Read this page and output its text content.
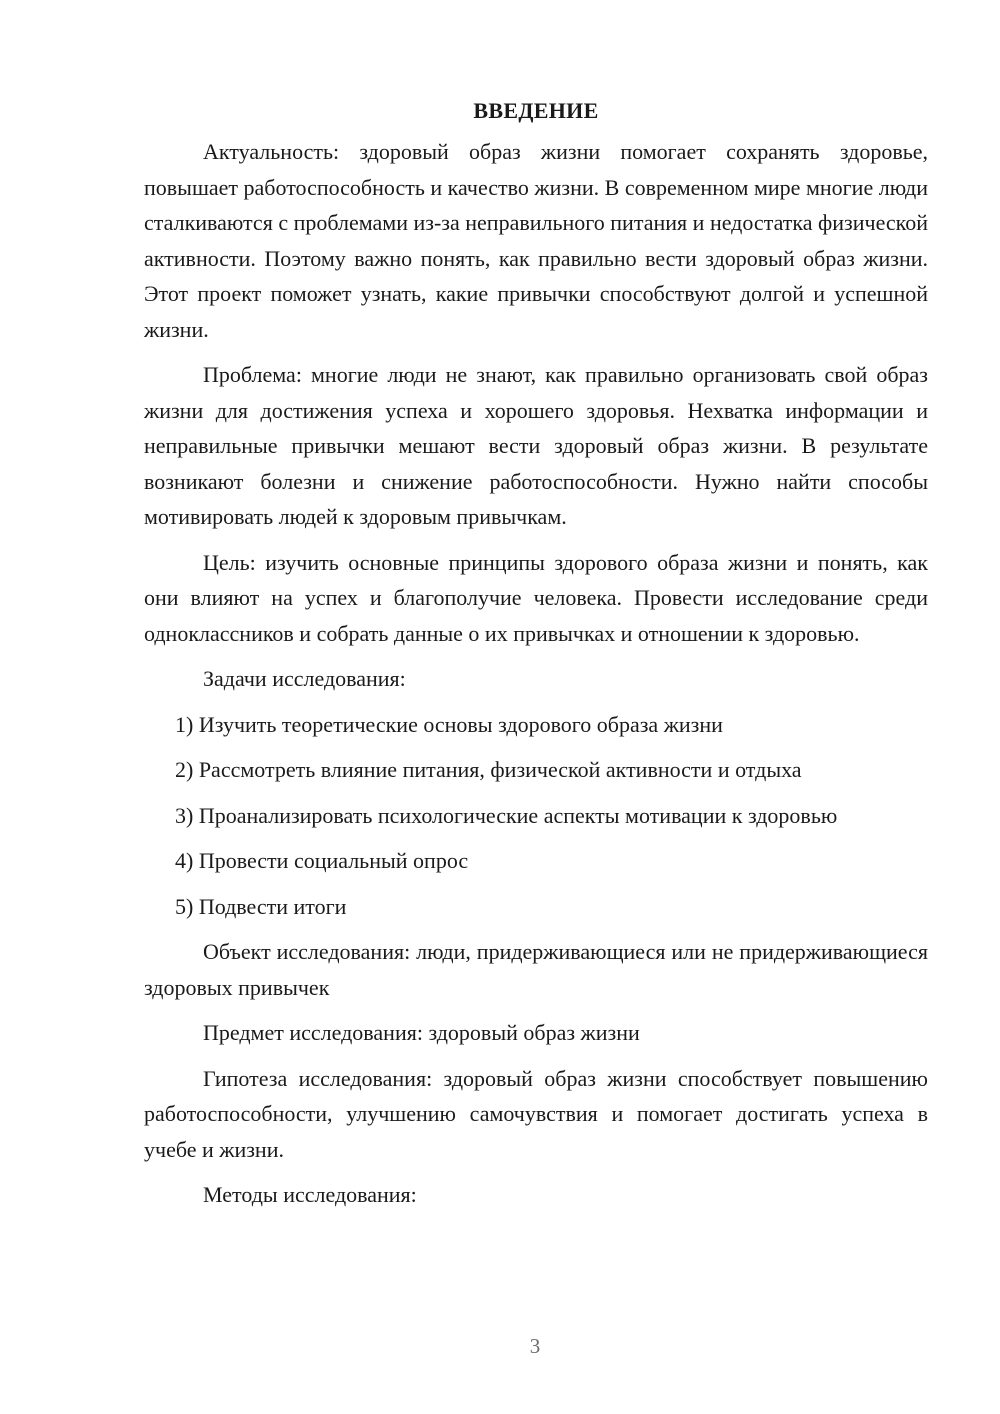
ВВЕДЕНИЕ

Актуальность: здоровый образ жизни помогает сохранять здоровье, повышает работоспособность и качество жизни. В современном мире многие люди сталкиваются с проблемами из-за неправильного питания и недостатка физической активности. Поэтому важно понять, как правильно вести здоровый образ жизни. Этот проект поможет узнать, какие привычки способствуют долгой и успешной жизни.

Проблема: многие люди не знают, как правильно организовать свой образ жизни для достижения успеха и хорошего здоровья. Нехватка информации и неправильные привычки мешают вести здоровый образ жизни. В результате возникают болезни и снижение работоспособности. Нужно найти способы мотивировать людей к здоровым привычкам.

Цель: изучить основные принципы здорового образа жизни и понять, как они влияют на успех и благополучие человека. Провести исследование среди одноклассников и собрать данные о их привычках и отношении к здоровью.

Задачи исследования:

1) Изучить теоретические основы здорового образа жизни

2) Рассмотреть влияние питания, физической активности и отдыха

3) Проанализировать психологические аспекты мотивации к здоровью

4) Провести социальный опрос

5) Подвести итоги

Объект исследования: люди, придерживающиеся или не придерживающиеся здоровых привычек

Предмет исследования: здоровый образ жизни

Гипотеза исследования: здоровый образ жизни способствует повышению работоспособности, улучшению самочувствия и помогает достигать успеха в учебе и жизни.

Методы исследования:

3
